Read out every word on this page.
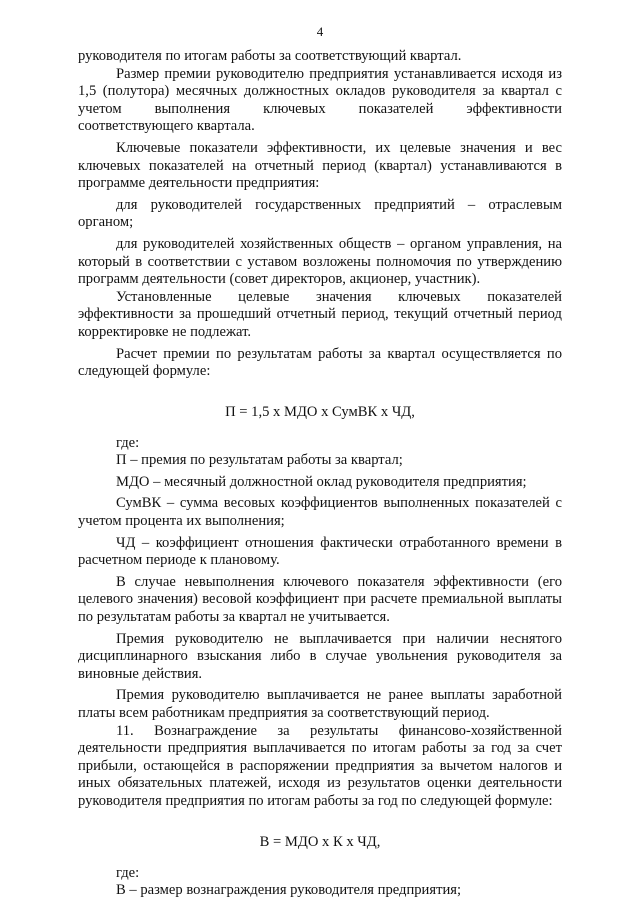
4

руководителя по итогам работы за соответствующий квартал.

Размер премии руководителю предприятия устанавливается исходя из 1,5 (полутора) месячных должностных окладов руководителя за квартал с учетом выполнения ключевых показателей эффективности соответствующего квартала.

Ключевые показатели эффективности, их целевые значения и вес ключевых показателей на отчетный период (квартал) устанавливаются в программе деятельности предприятия:

для руководителей государственных предприятий – отраслевым органом;

для руководителей хозяйственных обществ – органом управления, на который в соответствии с уставом возложены полномочия по утверждению программ деятельности (совет директоров, акционер, участник).

Установленные целевые значения ключевых показателей эффективности за прошедший отчетный период, текущий отчетный период корректировке не подлежат.

Расчет премии по результатам работы за квартал осуществляется по следующей формуле:

П = 1,5 х МДО х СумВК х ЧД,

где:

П – премия по результатам работы за квартал;

МДО – месячный должностной оклад руководителя предприятия;

СумВК – сумма весовых коэффициентов выполненных показателей с учетом процента их выполнения;

ЧД – коэффициент отношения фактически отработанного времени в расчетном периоде к плановому.

В случае невыполнения ключевого показателя эффективности (его целевого значения) весовой коэффициент при расчете премиальной выплаты по результатам работы за квартал не учитывается.

Премия руководителю не выплачивается при наличии неснятого дисциплинарного взыскания либо в случае увольнения руководителя за виновные действия.

Премия руководителю выплачивается не ранее выплаты заработной платы всем работникам предприятия за соответствующий период.

11. Вознаграждение за результаты финансово-хозяйственной деятельности предприятия выплачивается по итогам работы за год за счет прибыли, остающейся в распоряжении предприятия за вычетом налогов и иных обязательных платежей, исходя из результатов оценки деятельности руководителя предприятия по итогам работы за год по следующей формуле:

В = МДО х К х ЧД,

где:

В – размер вознаграждения руководителя предприятия;
